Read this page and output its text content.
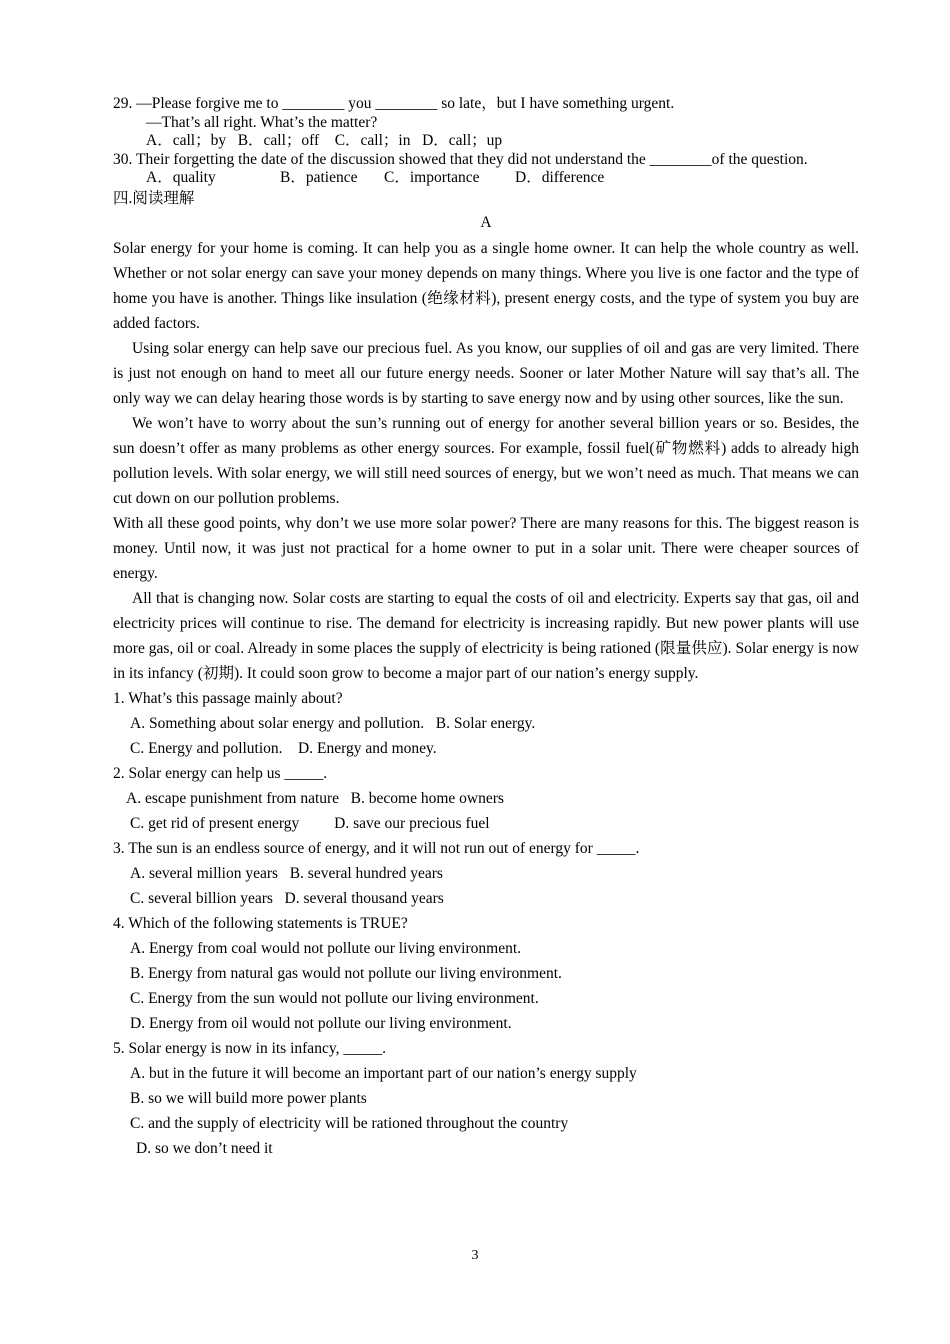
29. —Please forgive me to ________ you ________ so late，but I have something urgent.
—That’s all right. What’s the matter?
A．call；by   B．call；off    C．call；in   D．call；up
30. Their forgetting the date of the discussion showed that they did not understand the ________of the question.
A．quality	B．patience C．importance D．difference
四.阅读理解
A

Solar energy for your home is coming. It can help you as a single home owner. It can help the whole country as well. Whether or not solar energy can save your money depends on many things. Where you live is one factor and the type of home you have is another. Things like insulation (绝缘材料), present energy costs, and the type of system you buy are added factors.

Using solar energy can help save our precious fuel. As you know, our supplies of oil and gas are very limited. There is just not enough on hand to meet all our future energy needs. Sooner or later Mother Nature will say that’s all. The only way we can delay hearing those words is by starting to save energy now and by using other sources, like the sun.

We won’t have to worry about the sun’s running out of energy for another several billion years or so. Besides, the sun doesn’t offer as many problems as other energy sources. For example, fossil fuel(矿物燃料) adds to already high pollution levels. With solar energy, we will still need sources of energy, but we won’t need as much. That means we can cut down on our pollution problems.

With all these good points, why don’t we use more solar power? There are many reasons for this. The biggest reason is money. Until now, it was just not practical for a home owner to put in a solar unit. There were cheaper sources of energy.

All that is changing now. Solar costs are starting to equal the costs of oil and electricity. Experts say that gas, oil and electricity prices will continue to rise. The demand for electricity is increasing rapidly. But new power plants will use more gas, oil or coal. Already in some places the supply of electricity is being rationed (限量供应). Solar energy is now in its infancy (初期). It could soon grow to become a major part of our nation’s energy supply.

1. What’s this passage mainly about?
A. Something about solar energy and pollution.   B. Solar energy.
C. Energy and pollution.    D. Energy and money.
2. Solar energy can help us _____.
A. escape punishment from nature   B. become home owners
C. get rid of present energy         D. save our precious fuel
3. The sun is an endless source of energy, and it will not run out of energy for _____.
A. several million years   B. several hundred years
C. several billion years   D. several thousand years
4. Which of the following statements is TRUE?
A. Energy from coal would not pollute our living environment.
B. Energy from natural gas would not pollute our living environment.
C. Energy from the sun would not pollute our living environment.
D. Energy from oil would not pollute our living environment.
5. Solar energy is now in its infancy, _____.
A. but in the future it will become an important part of our nation’s energy supply
B. so we will build more power plants
C. and the supply of electricity will be rationed throughout the country
D. so we don’t need it
3
